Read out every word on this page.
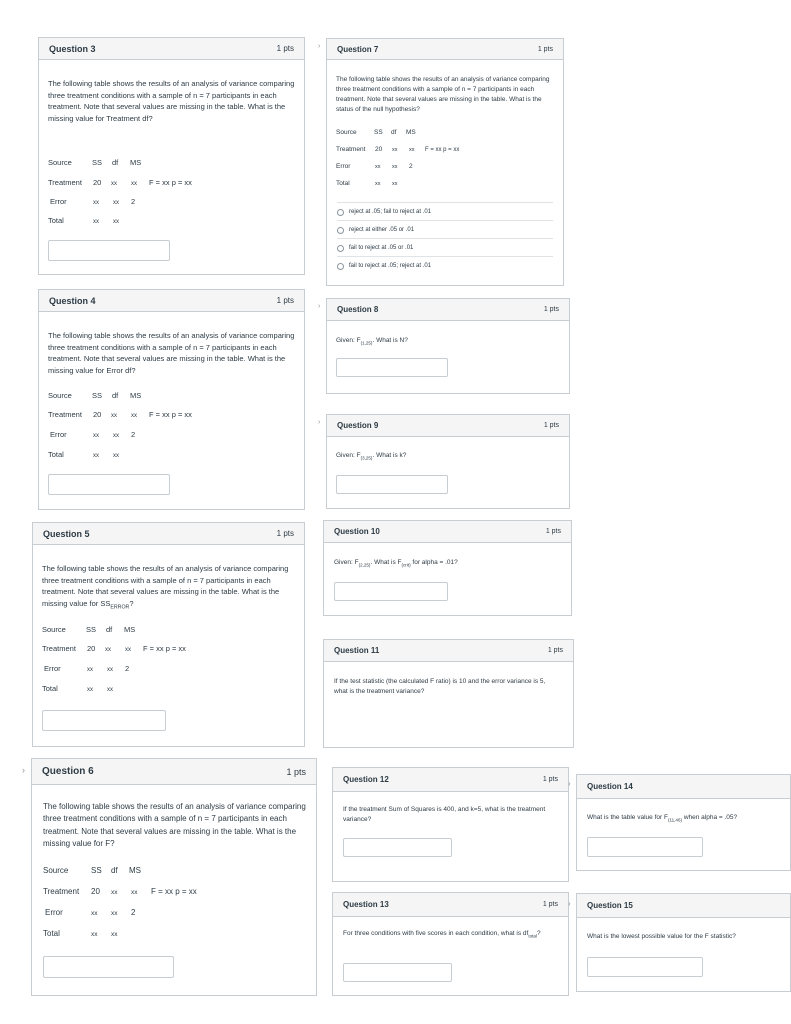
Question 3	1 pts
The following table shows the results of an analysis of variance comparing three treatment conditions with a sample of n = 7 participants in each treatment. Note that several values are missing in the table. What is the missing value for Treatment df?
Source	SS df MS
Treatment 20 xx xx F = xx p = xx
Error	xx xx 2
Total	xx xx
Question 4	1 pts
The following table shows the results of an analysis of variance comparing three treatment conditions with a sample of n = 7 participants in each treatment. Note that several values are missing in the table. What is the missing value for Error df?
Source	SS df MS
Treatment 20 xx xx F = xx p = xx
Error	xx xx 2
Total	xx xx
Question 5	1 pts
The following table shows the results of an analysis of variance comparing three treatment conditions with a sample of n = 7 participants in each treatment. Note that several values are missing in the table. What is the missing value for $SS_{ERROR}$?
Source	SS df MS
Treatment 20 xx xx F = xx p = xx
Error	xx xx 2
Total	xx xx
› Question 6	1 pts
The following table shows the results of an analysis of variance comparing three treatment conditions with a sample of n = 7 participants in each treatment. Note that several values are missing in the table. What is the missing value for F?
Source	SS df MS
Treatment 20 xx xx F = xx p = xx
Error	xx xx 2
Total	xx xx
› Question 7	1 pts
The following table shows the results of an analysis of variance comparing three treatment conditions with a sample of n = 7 participants in each treatment. Note that several values are missing in the table. What is the status of the null hypothesis?
Source	SS df MS
Treatment 20 xx xx F = xx p = xx
Error	xx xx 2
Total	xx xx
reject at .05; fail to reject at .01
reject at either .05 or .01
fail to reject at .05 or .01
fail to reject at .05; reject at .01
› Question 8	1 pts
Given: $F_{(1,25)}$. What is N?
› Question 9	1 pts
Given: $F_{(3,25)}$. What is k?
Question 10	1 pts
Given: $F_{(2,25)}$. What is $F_{(crit)}$ for alpha = .01?
Question 11	1 pts
If the test statistic (the calculated F ratio) is 10 and the error variance is 5, what is the treatment variance?
Question 12	1 pts
If the treatment Sum of Squares is 400, and k=5, what is the treatment variance?
Question 13	1 pts
For three conditions with five scores in each condition, what is $df_{total}$?
› Question 14
What is the table value for $F_{(11,46)}$ when alpha = .05?
› Question 15
What is the lowest possible value for the F statistic?
